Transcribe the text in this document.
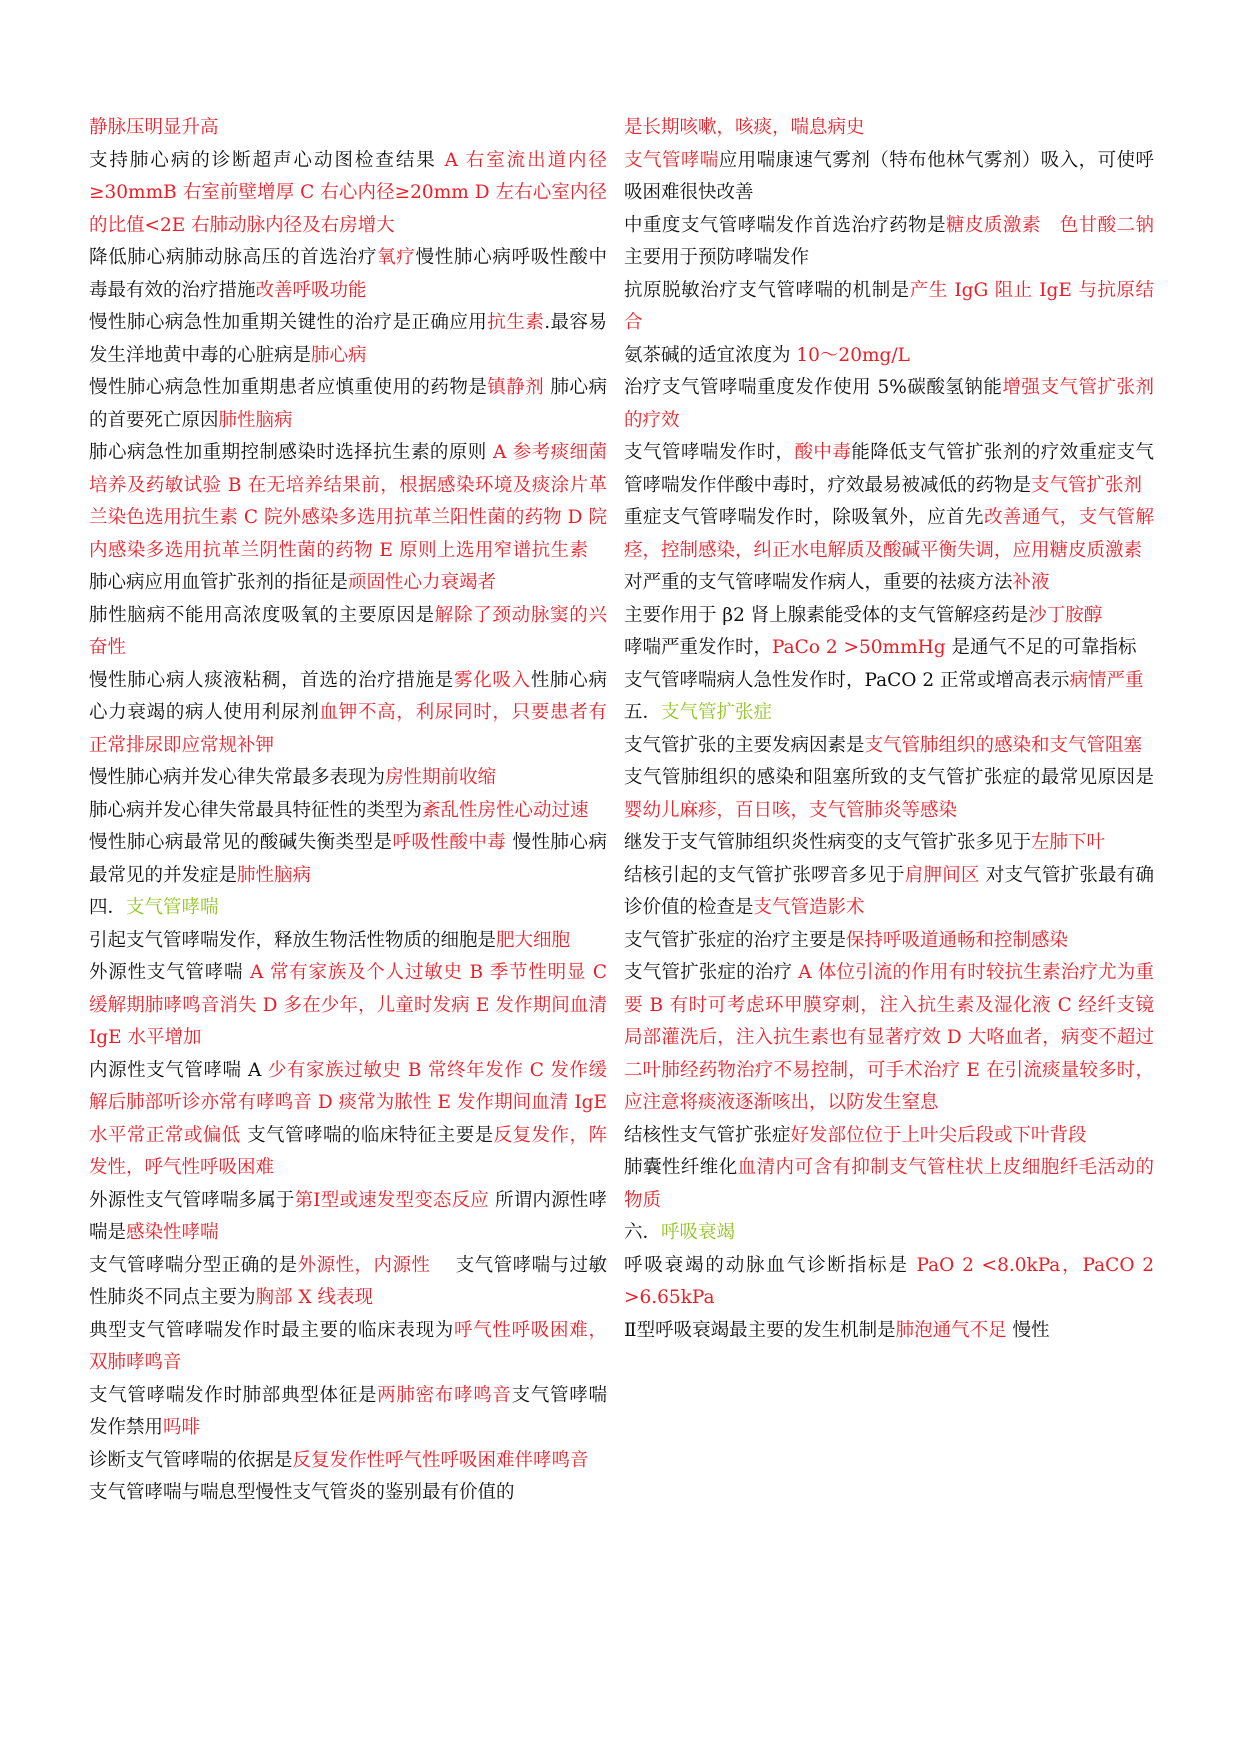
静脉压明显升高

支持肺心病的诊断超声心动图检查结果 A 右室流出道内径≥30mmB 右室前壁增厚 C 右心内径≥20mm D 左右心室内径的比值<2E 右肺动脉内径及右房增大

降低肺心病肺动脉高压的首选治疗氧疗慢性肺心病呼吸性酸中毒最有效的治疗措施改善呼吸功能

慢性肺心病急性加重期关键性的治疗是正确应用抗生素.最容易发生洋地黄中毒的心脏病是肺心病

慢性肺心病急性加重期患者应慎重使用的药物是镇静剂 肺心病的首要死亡原因肺性脑病

肺心病急性加重期控制感染时选择抗生素的原则 A 参考痰细菌培养及药敏试验 B 在无培养结果前，根据感染环境及痰涂片革兰染色选用抗生素 C 院外感染多选用抗革兰阳性菌的药物 D 院内感染多选用抗革兰阴性菌的药物 E 原则上选用窄谱抗生素　 肺心病应用血管扩张剂的指征是顽固性心力衰竭者

肺性脑病不能用高浓度吸氧的主要原因是解除了颈动脉窦的兴奋性

慢性肺心病人痰液粘稠，首选的治疗措施是雾化吸入性肺心病心力衰竭的病人使用利尿剂血钾不高，利尿同时，只要患者有正常排尿即应常规补钾

慢性肺心病并发心律失常最多表现为房性期前收缩

肺心病并发心律失常最具特征性的类型为紊乱性房性心动过速

慢性肺心病最常见的酸碱失衡类型是呼吸性酸中毒 慢性肺心病最常见的并发症是肺性脑病

四．支气管哮喘

引起支气管哮喘发作，释放生物活性物质的细胞是肥大细胞

外源性支气管哮喘 A 常有家族及个人过敏史 B 季节性明显 C 缓解期肺哮鸣音消失 D 多在少年，儿童时发病 E 发作期间血清 IgE 水平增加

内源性支气管哮喘 A 少有家族过敏史 B 常终年发作 C 发作缓解后肺部听诊亦常有哮鸣音 D 痰常为脓性 E 发作期间血清 IgE 水平常正常或偏低 支气管哮喘的临床特征主要是反复发作，阵发性，呼气性呼吸困难

外源性支气管哮喘多属于第Ⅰ型或速发型变态反应 所谓内源性哮喘是感染性哮喘

支气管哮喘分型正确的是外源性，内源性　 支气管哮喘与过敏性肺炎不同点主要为胸部 X 线表现

典型支气管哮喘发作时最主要的临床表现为呼气性呼吸困难，双肺哮鸣音

支气管哮喘发作时肺部典型体征是两肺密布哮鸣音支气管哮喘发作禁用吗啡

诊断支气管哮喘的依据是反复发作性呼气性呼吸困难伴哮鸣音

支气管哮喘与喘息型慢性支气管炎的鉴别最有价值的

是长期咳嗽，咳痰，喘息病史

支气管哮喘应用喘康速气雾剂（特布他林气雾剂）吸入，可使呼吸困难很快改善

中重度支气管哮喘发作首选治疗药物是糖皮质激素　色甘酸二钠主要用于预防哮喘发作

抗原脱敏治疗支气管哮喘的机制是产生 IgG 阻止 IgE 与抗原结合

氨茶碱的适宜浓度为 10～20mg/L

治疗支气管哮喘重度发作使用 5%碳酸氢钠能增强支气管扩张剂的疗效

支气管哮喘发作时，酸中毒能降低支气管扩张剂的疗效重症支气管哮喘发作伴酸中毒时，疗效最易被减低的药物是支气管扩张剂

重症支气管哮喘发作时，除吸氧外，应首先改善通气，支气管解痉，控制感染，纠正水电解质及酸碱平衡失调，应用糖皮质激素　 对严重的支气管哮喘发作病人，重要的祛痰方法补液

主要作用于 β2 肾上腺素能受体的支气管解痉药是沙丁胺醇

哮喘严重发作时，PaCo 2 >50mmHg 是通气不足的可靠指标

支气管哮喘病人急性发作时，PaCO 2 正常或增高表示病情严重

五．支气管扩张症

支气管扩张的主要发病因素是支气管肺组织的感染和支气管阻塞

支气管肺组织的感染和阻塞所致的支气管扩张症的最常见原因是婴幼儿麻疹，百日咳，支气管肺炎等感染

继发于支气管肺组织炎性病变的支气管扩张多见于左肺下叶

结核引起的支气管扩张啰音多见于肩胛间区 对支气管扩张最有确诊价值的检查是支气管造影术

支气管扩张症的治疗主要是保持呼吸道通畅和控制感染

支气管扩张症的治疗 A 体位引流的作用有时较抗生素治疗尤为重要 B 有时可考虑环甲膜穿刺，注入抗生素及湿化液 C 经纤支镜局部灌洗后，注入抗生素也有显著疗效 D 大咯血者，病变不超过二叶肺经药物治疗不易控制，可手术治疗 E 在引流痰量较多时，应注意将痰液逐渐咳出，以防发生窒息

结核性支气管扩张症好发部位位于上叶尖后段或下叶背段

肺囊性纤维化血清内可含有抑制支气管柱状上皮细胞纤毛活动的物质

六．呼吸衰竭

呼吸衰竭的动脉血气诊断指标是 PaO 2 <8.0kPa，PaCO 2 >6.65kPa

Ⅱ型呼吸衰竭最主要的发生机制是肺泡通气不足 慢性
